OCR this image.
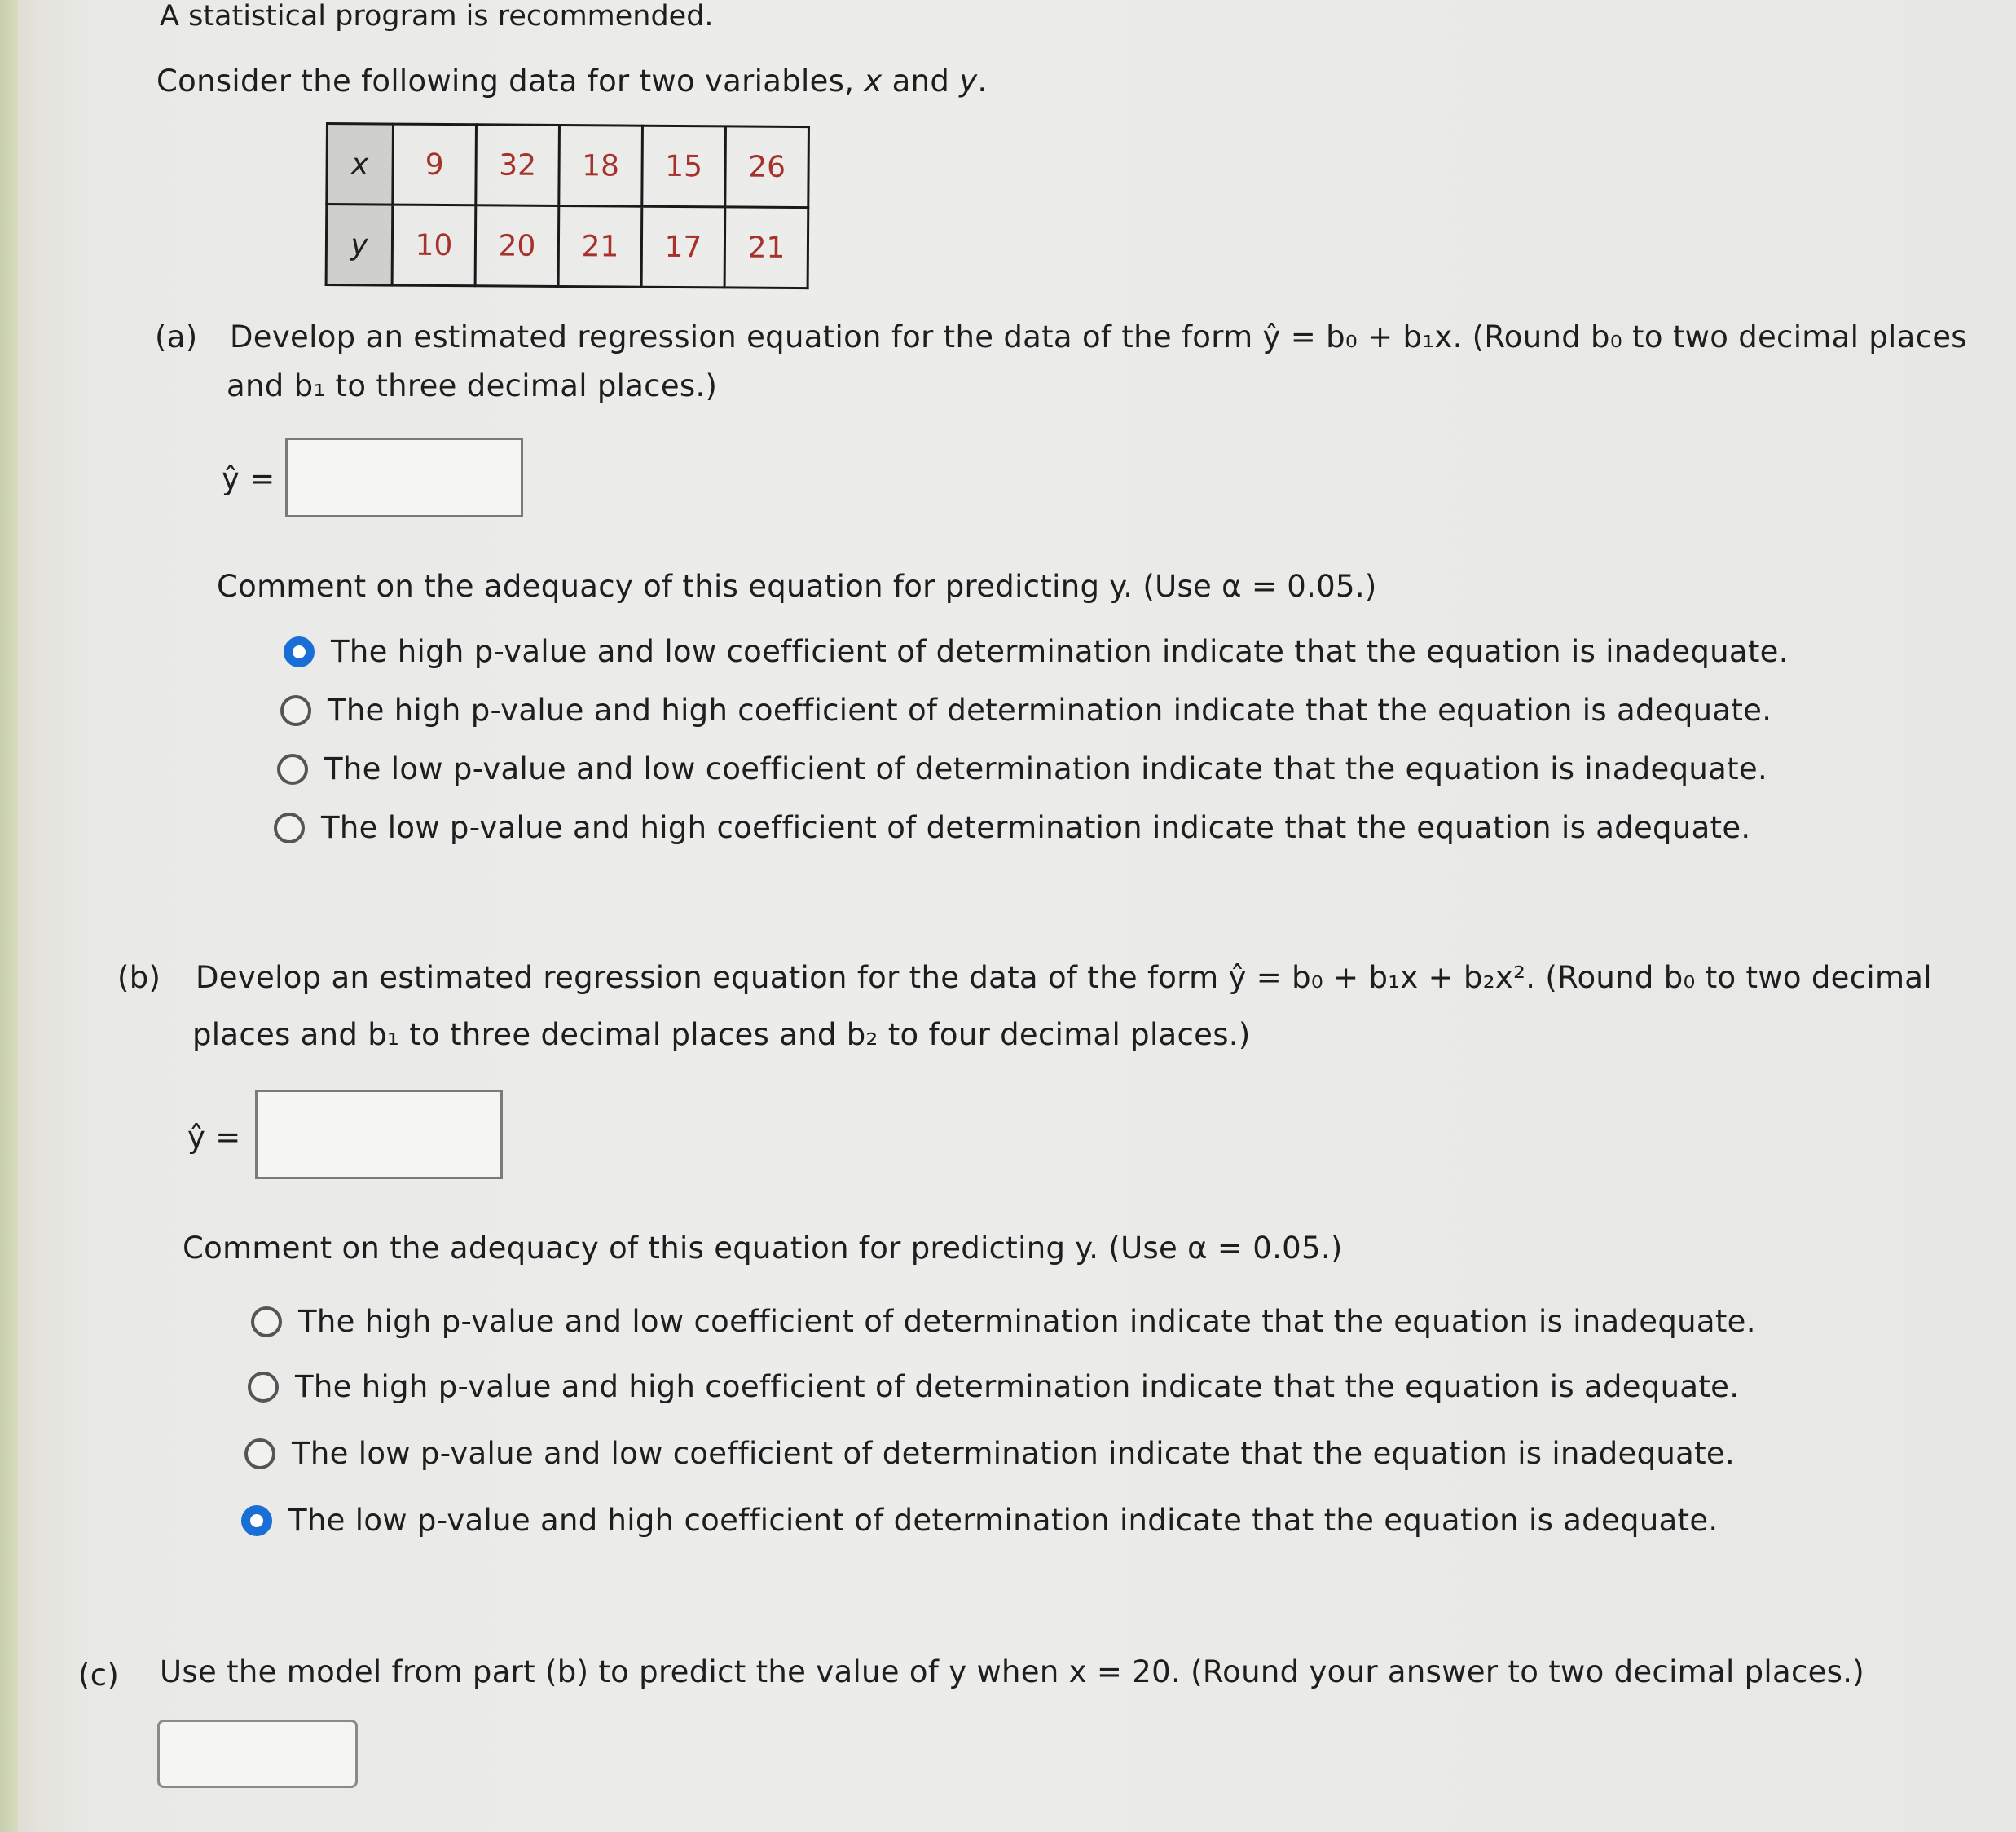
A statistical program is recommended.
Consider the following data for two variables, x and y.
x	9	32	18	15	26
y	10	20	21	17	21
(a) Develop an estimated regression equation for the data of the form ŷ = b₀ + b₁x. (Round b₀ to two decimal places
and b₁ to three decimal places.)
ŷ =
Comment on the adequacy of this equation for predicting y. (Use α = 0.05.)
The high p-value and low coefficient of determination indicate that the equation is inadequate.
The high p-value and high coefficient of determination indicate that the equation is adequate.
The low p-value and low coefficient of determination indicate that the equation is inadequate.
The low p-value and high coefficient of determination indicate that the equation is adequate.
(b) Develop an estimated regression equation for the data of the form ŷ = b₀ + b₁x + b₂x². (Round b₀ to two decimal
places and b₁ to three decimal places and b₂ to four decimal places.)
ŷ =
Comment on the adequacy of this equation for predicting y. (Use α = 0.05.)
The high p-value and low coefficient of determination indicate that the equation is inadequate.
The high p-value and high coefficient of determination indicate that the equation is adequate.
The low p-value and low coefficient of determination indicate that the equation is inadequate.
The low p-value and high coefficient of determination indicate that the equation is adequate.
(c) Use the model from part (b) to predict the value of y when x = 20. (Round your answer to two decimal places.)
